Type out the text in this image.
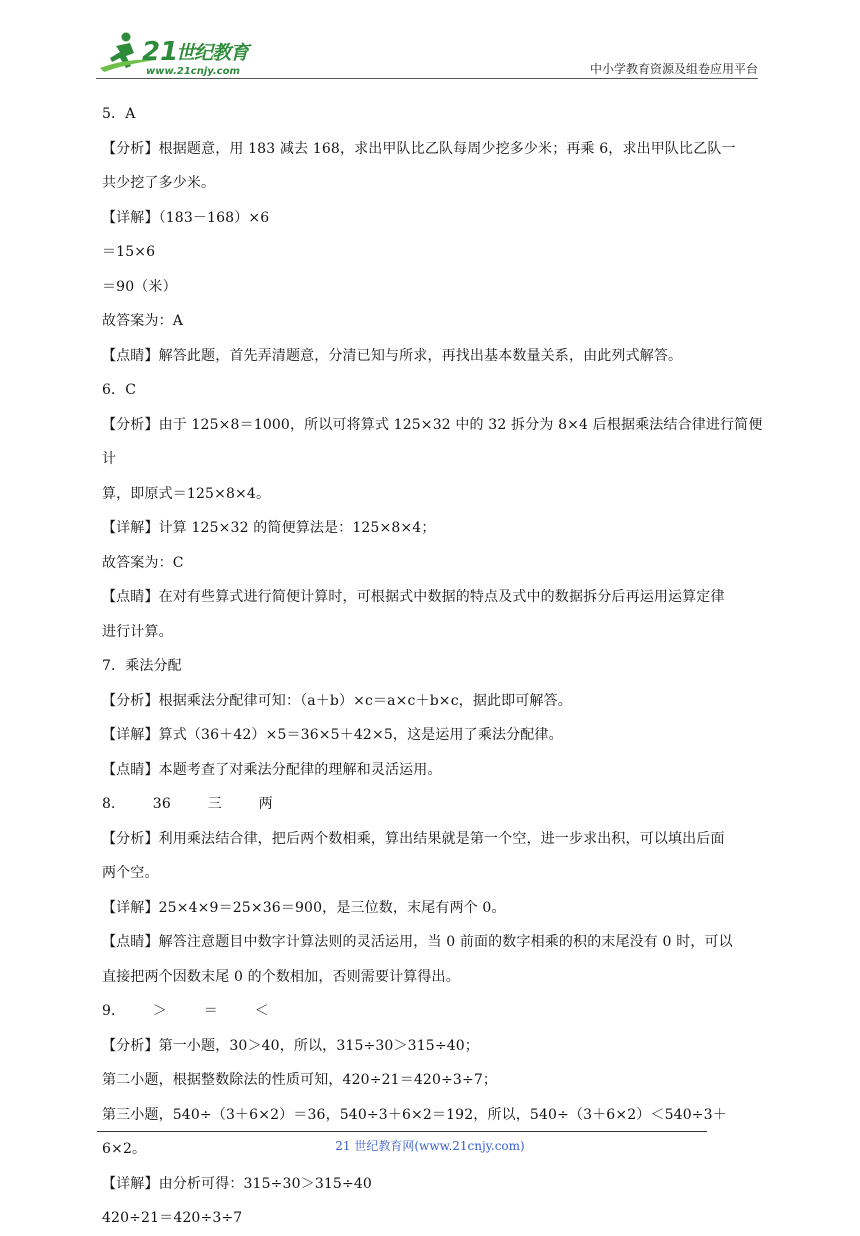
21
世纪教育
www.21cnjy.com	中小学教育资源及组卷应用平台
5．A
【分析】根据题意，用 183 减去 168，求出甲队比乙队每周少挖多少米；再乘 6，求出甲队比乙队一
共少挖了多少米。
【详解】（183－168）×6
＝15×6
＝90（米）
故答案为：A
【点睛】解答此题，首先弄清题意，分清已知与所求，再找出基本数量关系，由此列式解答。
6．C
【分析】由于 125×8＝1000，所以可将算式 125×32 中的 32 拆分为 8×4 后根据乘法结合律进行简便计
算，即原式＝125×8×4。
【详解】计算 125×32 的简便算法是：125×8×4；
故答案为：C
【点睛】在对有些算式进行简便计算时，可根据式中数据的特点及式中的数据拆分后再运用运算定律
进行计算。
7．乘法分配
【分析】根据乘法分配律可知：（a＋b）×c＝a×c＋b×c，据此即可解答。
【详解】算式（36＋42）×5＝36×5＋42×5，这是运用了乘法分配律。
【点睛】本题考查了对乘法分配律的理解和灵活运用。
8．      36        三        两
【分析】利用乘法结合律，把后两个数相乘，算出结果就是第一个空，进一步求出积，可以填出后面
两个空。
【详解】25×4×9＝25×36＝900，是三位数，末尾有两个 0。
【点睛】解答注意题目中数字计算法则的灵活运用，当 0 前面的数字相乘的积的末尾没有 0 时，可以
直接把两个因数末尾 0 的个数相加，否则需要计算得出。
9．      ＞        ＝        ＜
【分析】第一小题，30＞40，所以，315÷30＞315÷40；
第二小题，根据整数除法的性质可知，420÷21＝420÷3÷7；
第三小题，540÷（3＋6×2）＝36，540÷3＋6×2＝192，所以，540÷（3＋6×2）＜540÷3＋6×2。
【详解】由分析可得：315÷30＞315÷40
420÷21＝420÷3÷7
21 世纪教育网(www.21cnjy.com)
